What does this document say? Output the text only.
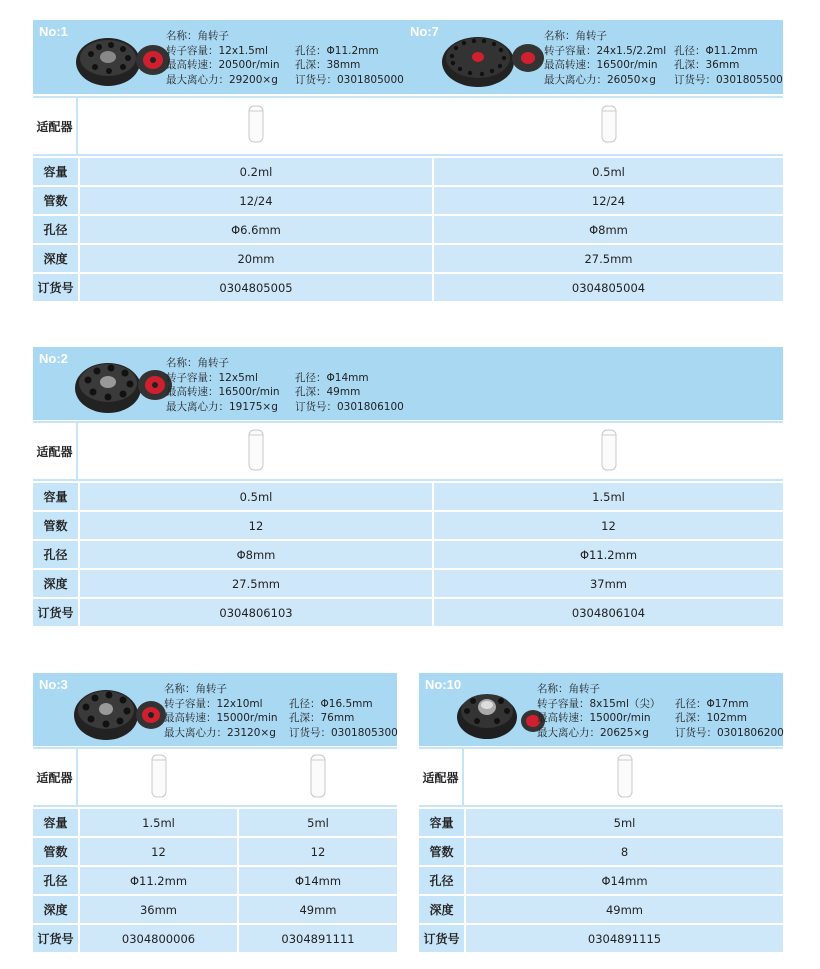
No:1	名称：角转子
转子容量：12x1.5ml
最高转速：20500r/min
最大离心力：29200×g
孔径：Φ11.2mm
孔深：38mm
订货号：0301805000
No:7	名称：角转子
转子容量：24x1.5/2.2ml
最高转速：16500r/min
最大离心力：26050×g
孔径：Φ11.2mm
孔深：36mm
订货号：0301805500
适配器
容量	0.2ml	0.5ml
管数	12/24	12/24
孔径	Φ6.6mm	Φ8mm
深度	20mm	27.5mm
订货号	0304805005	0304805004
No:2	名称：角转子
转子容量：12x5ml
最高转速：16500r/min
最大离心力：19175×g
孔径：Φ14mm
孔深：49mm
订货号：0301806100
适配器
容量	0.5ml	1.5ml
管数	12	12
孔径	Φ8mm	Φ11.2mm
深度	27.5mm	37mm
订货号	0304806103	0304806104
No:3	名称：角转子
转子容量：12x10ml
最高转速：15000r/min
最大离心力：23120×g
孔径：Φ16.5mm
孔深：76mm
订货号：0301805300
适配器
容量	1.5ml	5ml
管数	12	12
孔径	Φ11.2mm	Φ14mm
深度	36mm	49mm
订货号	0304800006	0304891111
No:10	名称：角转子
转子容量：8x15ml（尖）
最高转速：15000r/min
最大离心力：20625×g
孔径：Φ17mm
孔深：102mm
订货号：0301806200
适配器
容量	5ml
管数	8
孔径	Φ14mm
深度	49mm
订货号	0304891115
